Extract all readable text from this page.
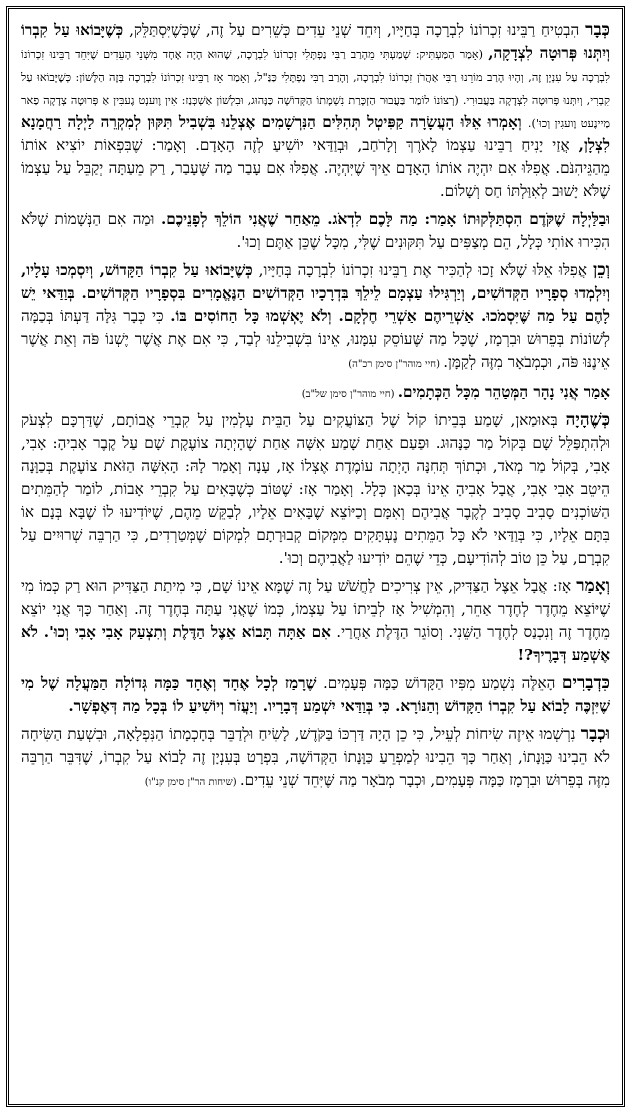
כְּבָר הִבְטִיחַ רַבֵּינוּ זִכְרוֹנוֹ לִבְרָכָה בְּחַיָּיו, וְיִחֵד שְׁנֵי עֵדִים כְּשֵׁרִים עַל זֶה, שֶׁכְּשֶׁיִּסְתַּלֵּק, כְּשֶׁיָּבוֹאוּ עַל קִבְרוֹ וְיִתְּנוּ פְּרוּטָה לִצְדָקָה, (אָמַר הַמַּעְתִּיק: שְׁמַעְתִּי מֵהָרַב רַבִּי נַפְתָּלִי זִכְרוֹנוֹ לִבְרָכָה, שֶׁהוּא הָיָה אֶחָד מִשְּׁנֵי הָעֵדִים שֶׁיִּחֵד רַבֵּינוּ זִכְרוֹנוֹ לִבְרָכָה עַל עִנְיָן זֶה, וְהָיוּ הָרַב מוֹרֵנוּ רַבִּי אַהֲרֹן זִכְרוֹנוֹ לִבְרָכָה, וְהָרַב רַבִּי נַפְתָּלִי כַּנַּ"ל, וְאָמַר אָז רַבֵּינוּ זִכְרוֹנוֹ לִבְרָכָה בְּזֶה הַלָּשׁוֹן: כְּשֶׁיָּבוֹאוּ עַל קִבְרִי, וְיִתְּנוּ פְּרוּטָה לִצְדָקָה בַּעֲבוּרִי. (רְצוֹנוֹ לוֹמַר בַּעֲבוּר הַזְכָּרַת נִשְׁמָתוֹ הַקְּדוֹשָׁה כַּנָּהוּג, וּבִלְשׁוֹן אַשְׁכְּנַז: אִין וֶוענְט גֶעבִּין אַ פְּרוּטָה צְדָקָה פַאר מַיינֶעט וֶועגִין וְכוּ'). וְאָמְרוּ אֵלּוּ הָעֲשָׂרָה קַפִּיטְל תְּהִלִּים הַנִּרְשָׁמִים אֶצְלֵנוּ בִּשְׁבִיל תִּקּוּן לְמִקְרֵה לַיְלָה רַחֲמָנָא לִצְלָן, אֲזַי יָנִיחַ רַבֵּינוּ עַצְמוֹ לָאֹרֶךְ וְלָרֹחַב, וּבְוַדַּאי יוֹשִׁיעַ לְזֶה הָאָדָם. וְאָמַר: שֶׁבִּפְאוֹת יוֹצִיא אוֹתוֹ מֵהַגֵּיהִנֹּם. אֲפִלּוּ אִם יִהְיֶה אוֹתוֹ הָאָדָם אֵיךְ שֶׁיִּהְיֶה. אֲפִלּוּ אִם עָבַר מַה שֶּׁעָבַר, רַק מֵעַתָּה יְקַבֵּל עַל עַצְמוֹ שֶׁלֹּא יָשׁוּב לְאִוַּלְתּוֹ חַס וְשָׁלוֹם.

וּבַלַּיְלָה שֶׁקֹּדֶם הִסְתַּלְּקוּתוֹ אָמַר: מַה לָּכֶם לִדְאֹג. מֵאַחַר שֶׁאֲנִי הוֹלֵךְ לְפָנֵיכֶם. וּמַה אִם הַנְּשָׁמוֹת שֶׁלֹּא הִכִּירוּ אוֹתִי כְּלָל, הֵם מְצַפִּים עַל תִּקּוּנִים שֶׁלִּי, מִכָּל שֶׁכֵּן אַתֶּם וְכוּ'.

וְכֵן אֲפִלּוּ אֵלּוּ שֶׁלֹּא זָכוּ לְהַכִּיר אֶת רַבֵּינוּ זִכְרוֹנוֹ לִבְרָכָה בְּחַיָּיו, כְּשֶׁיָּבוֹאוּ עַל קִבְרוֹ הַקָּדוֹשׁ, וְיִסְמְכוּ עָלָיו, וְיִלְמְדוּ סְפָרָיו הַקְּדוֹשִׁים, וְיַרְגִּילוּ עַצְמָם לֵילֵךְ בִּדְרָכָיו הַקְּדוֹשִׁים הַנֶּאֱמָרִים בִּסְפָרָיו הַקְּדוֹשִׁים. בְּוַדַּאי יֵשׁ לָהֶם עַל מַה שֶּׁיִּסְמֹכוּ. אַשְׁרֵיהֶם אַשְׁרֵי חֶלְקָם. וְלֹא יֶאְשְׁמוּ כָּל הַחוֹסִים בּוֹ. כִּי כְּבָר גִּלָּה דַּעְתּוֹ בְּכַמָּה לְשׁוֹנוֹת בְּפֵרוּשׁ וּבִרְמָז, שֶׁכָּל מַה שֶּׁעוֹסֵק עִמָּנוּ, אֵינוֹ בִּשְׁבִילֵנוּ לְבַד, כִּי אִם אֶת אֲשֶׁר יֶשְׁנוֹ פֹּה וְאֵת אֲשֶׁר אֵינֶנּוּ פֹּה, וּכְמְבֹאָר מִזֶּה לְקַמָּן. (חיי מוהר"ן סימן רכ"ה)

אָמַר אֲנִי נָהָר הַמְּטַהֵר מִכָּל הַכְּתָמִים. (חיי מוהר"ן סימן של"ב)

כְּשֶׁהָיָה בְּאוּמַאן, שָׁמַע בְּבֵיתוֹ קוֹל שֶׁל הַצּוֹעֲקִים עַל הַבֵּית עָלְמִין עַל קִבְרֵי אֲבוֹתָם, שֶׁדַּרְכָּם לִצְעֹק וּלְהִתְפַּלֵּל שָׁם בְּקוֹל מַר כַּנָּהוּג. וּפַעַם אַחַת שָׁמַע אִשָּׁה אַחַת שֶׁהָיְתָה צוֹעֶקֶת שָׁם עַל קֶבֶר אָבִיהָ: אָבִי, אָבִי, בְּקוֹל מַר מְאֹד, וּכְתוֹךְ תְּחִנָּה הָיְתָה עוֹמֶדֶת אֶצְלוֹ אָז, עָנָה וְאָמַר לָהּ: הָאִשָּׁה הַזֹּאת צוֹעֶקֶת בְּכַוָּנָה הֵיטֵב אָבִי אָבִי, אֲבָל אָבִיהָ אֵינוֹ בְּכָאן כְּלָל. וְאָמַר אָז: שֶׁטּוֹב כְּשֶׁבָּאִים עַל קִבְרֵי אָבוֹת, לוֹמַר לְהַמֵּתִים הַשּׁוֹכְנִים סָבִיב סָבִיב לְקֶבֶר אֲבִיהֶם וְאִמָּם וְכַיּוֹצֵא שֶׁבָּאִים אֵלָיו, לְבַקֵּשׁ מֵהֶם, שֶׁיּוֹדִיעוּ לוֹ שֶׁבָּא בְּנָם אוֹ בִּתָּם אֵלָיו, כִּי בְּוַדַּאי לֹא כָּל הַמֵּתִים נֶעְתָּקִים מִמְּקוֹם קְבוּרָתָם לִמְקוֹם שֶׁמְּטַרְדִים, כִּי הַרְבֵּה שְׁרוּיִים עַל קִבְרָם, עַל כֵּן טוֹב לְהוֹדִיעָם, כְּדֵי שֶׁהֵם יוֹדִיעוּ לַאֲבִיהֶם וְכוּ'.

וְאָמַר אָז: אֲבָל אֵצֶל הַצַּדִּיק, אֵין צְרִיכִים לַחֲשֹׁשׁ עַל זֶה שֶׁמָּא אֵינוֹ שָׁם, כִּי מִיתַת הַצַּדִּיק הוּא רַק כְּמוֹ מִי שֶׁיּוֹצֵא מֵחֶדֶר לְחֶדֶר אַחֵר, וְהִמְשִׁיל אָז לְבֵיתוֹ עַל עַצְמוֹ, כְּמוֹ שֶׁאֲנִי עַתָּה בְּחֶדֶר זֶה. וְאַחַר כָּךְ אֲנִי יוֹצֵא מֵחֶדֶר זֶה וְנִכְנַס לְחֶדֶר הַשֵּׁנִי. וְסוֹגֵר הַדֶּלֶת אַחֲרַי. אִם אַתָּה תָּבוֹא אֵצֶל הַדֶּלֶת וְתִצְעַק אָבִי אָבִי וְכוּ'. לֹא אֶשְׁמַע דְּבָרֶיךָ?!

כִּדְבָרִים הָאֵלֶּה נִשְׁמַע מִפִּיו הַקָּדוֹשׁ כַּמָּה פְּעָמִים. שֶׁרָמַז לְכָל אֶחָד וְאֶחָד כַּמָּה גְּדוֹלָה הַמַּעֲלָה שֶׁל מִי שֶׁיִּזְכֶּה לָבוֹא עַל קִבְרוֹ הַקָּדוֹשׁ וְהַנּוֹרָא. כִּי בְּוַדַּאי יִשְׁמַע דְּבָרָיו. וְיַעֲזֹר וְיוֹשִׁיעַ לוֹ בְּכָל מַה דְּאֶפְשָׁר.

וּכְבָר נִרְשְׁמוּ אֵיזֶה שִׂיחוֹת לְעֵיל, כִּי כֵן הָיָה דַּרְכּוֹ בַּקֹּדֶשׁ, לָשִׂיחַ וּלְדַבֵּר בְּחָכְמָתוֹ הַנִּפְלָאָה, וּבִשְׁעַת הַשִּׂיחָה לֹא הֵבִינוּ כַּוָּנָתוֹ, וְאַחַר כָּךְ הֵבִינוּ לְמַפְרֵעַ כַּוָּנָתוֹ הַקְּדוֹשָׁה, בִּפְרָט בְּעִנְיָן זֶה לָבוֹא עַל קִבְרוֹ, שֶׁדִּבֵּר הַרְבֵּה מִזֶּה בְּפֵרוּשׁ וּבִרְמָז כַּמָּה פְּעָמִים, וּכְבָר מְבֹאָר מַה שֶּׁיִּחֵד שְׁנֵי עֵדִים. (שיחות הר"ן סימן קנ"ו)
